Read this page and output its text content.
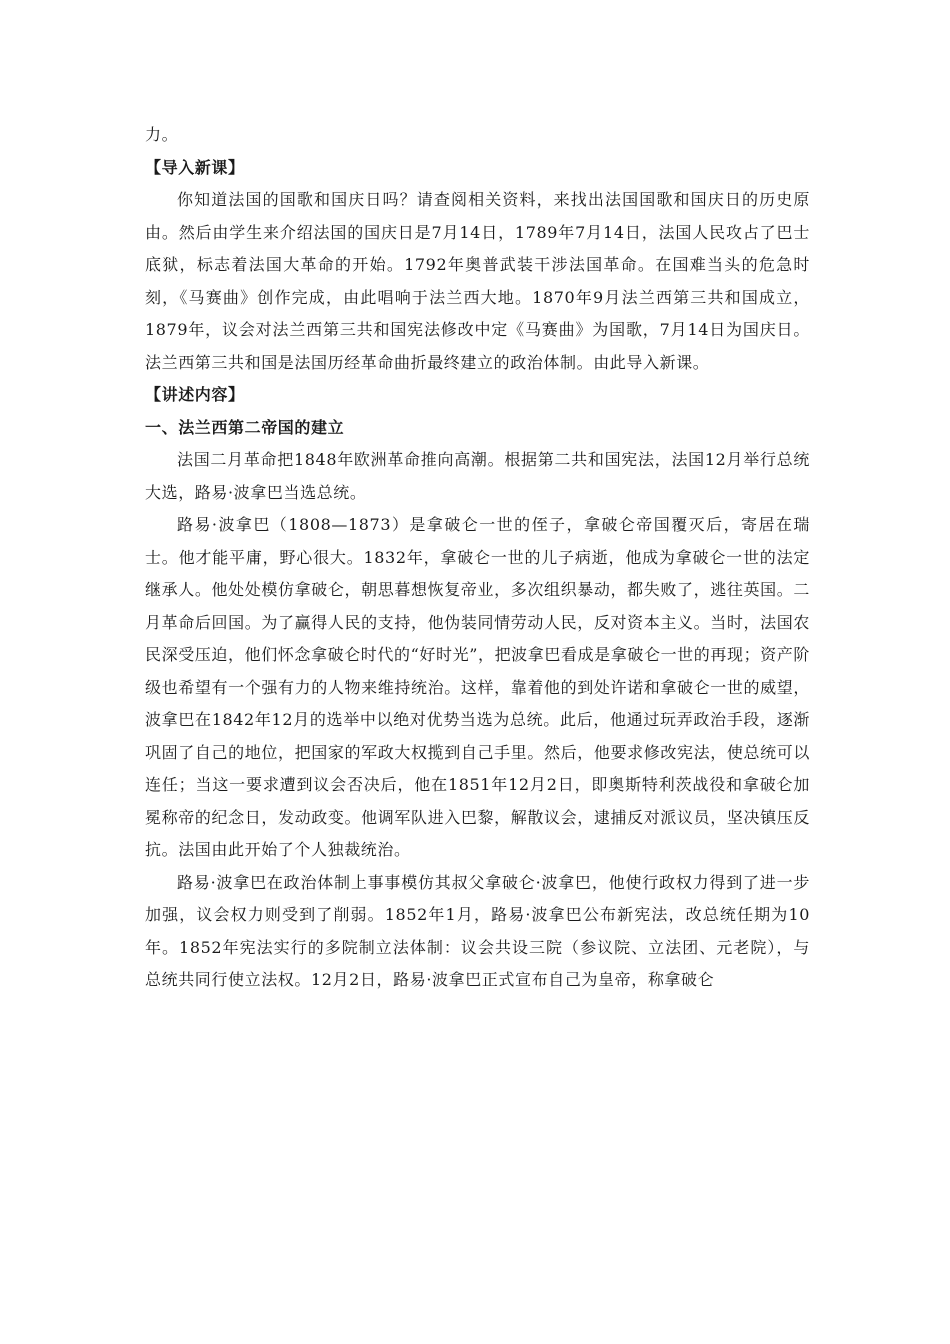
力。

【导入新课】

你知道法国的国歌和国庆日吗？请查阅相关资料，来找出法国国歌和国庆日的历史原由。然后由学生来介绍法国的国庆日是7月14日，1789年7月14日，法国人民攻占了巴士底狱，标志着法国大革命的开始。1792年奥普武装干涉法国革命。在国难当头的危急时刻，《马赛曲》创作完成，由此唱响于法兰西大地。1870年9月法兰西第三共和国成立，1879年，议会对法兰西第三共和国宪法修改中定《马赛曲》为国歌，7月14日为国庆日。法兰西第三共和国是法国历经革命曲折最终建立的政治体制。由此导入新课。

【讲述内容】

一、法兰西第二帝国的建立

法国二月革命把1848年欧洲革命推向高潮。根据第二共和国宪法，法国12月举行总统大选，路易·波拿巴当选总统。

路易·波拿巴（1808—1873）是拿破仑一世的侄子，拿破仑帝国覆灭后，寄居在瑞士。他才能平庸，野心很大。1832年，拿破仑一世的儿子病逝，他成为拿破仑一世的法定继承人。他处处模仿拿破仑，朝思暮想恢复帝业，多次组织暴动，都失败了，逃往英国。二月革命后回国。为了赢得人民的支持，他伪装同情劳动人民，反对资本主义。当时，法国农民深受压迫，他们怀念拿破仑时代的“好时光”，把波拿巴看成是拿破仑一世的再现；资产阶级也希望有一个强有力的人物来维持统治。这样，靠着他的到处许诺和拿破仑一世的威望，波拿巴在1842年12月的选举中以绝对优势当选为总统。此后，他通过玩弄政治手段，逐渐巩固了自己的地位，把国家的军政大权揽到自己手里。然后，他要求修改宪法，使总统可以连任；当这一要求遭到议会否决后，他在1851年12月2日，即奥斯特利茨战役和拿破仑加冕称帝的纪念日，发动政变。他调军队进入巴黎，解散议会，逮捕反对派议员，坚决镇压反抗。法国由此开始了个人独裁统治。

路易·波拿巴在政治体制上事事模仿其叔父拿破仑·波拿巴，他使行政权力得到了进一步加强，议会权力则受到了削弱。1852年1月，路易·波拿巴公布新宪法，改总统任期为10年。1852年宪法实行的多院制立法体制：议会共设三院（参议院、立法团、元老院），与总统共同行使立法权。12月2日，路易·波拿巴正式宣布自己为皇帝，称拿破仑
